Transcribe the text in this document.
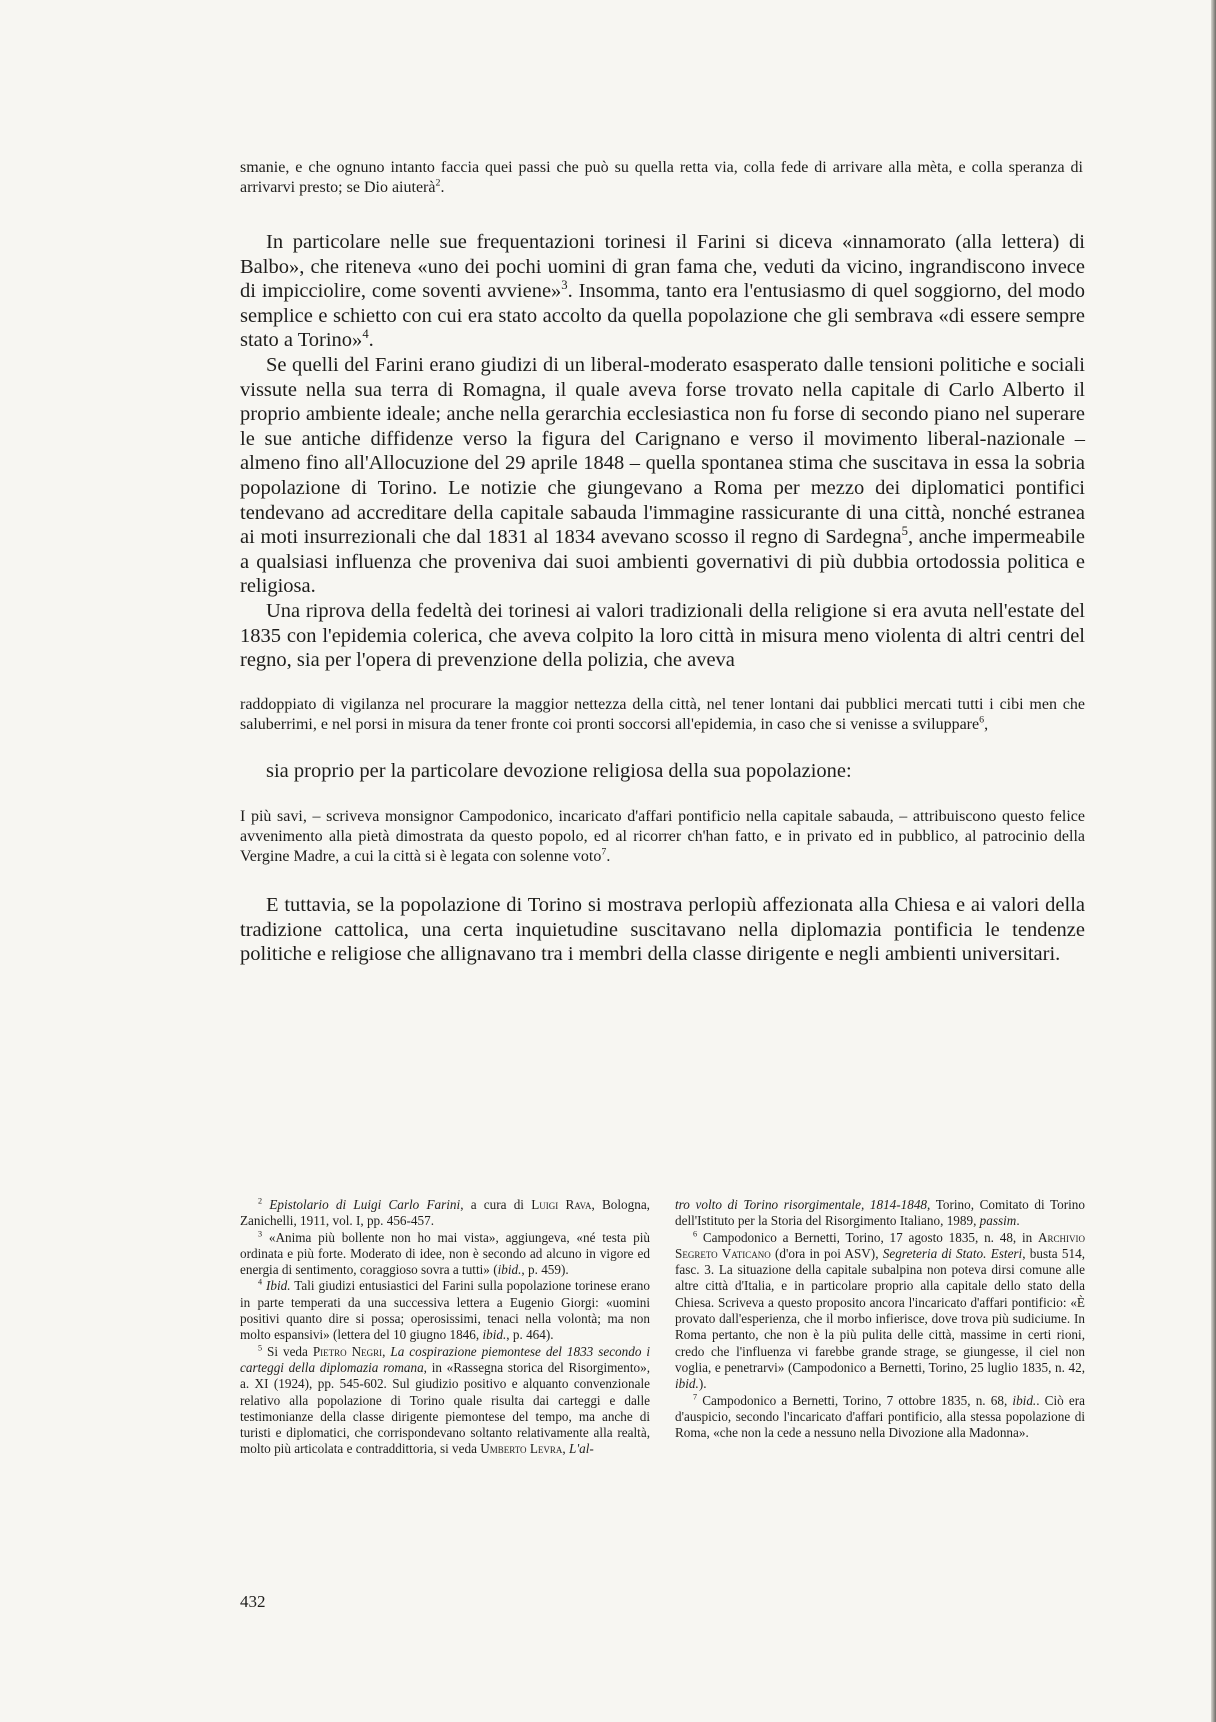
smanie, e che ognuno intanto faccia quei passi che può su quella retta via, colla fede di arrivare alla mèta, e colla speranza di arrivarvi presto; se Dio aiuterà$^2$.

In particolare nelle sue frequentazioni torinesi il Farini si diceva «innamorato (alla lettera) di Balbo», che riteneva «uno dei pochi uomini di gran fama che, veduti da vicino, ingrandiscono invece di impicciolire, come soventi avviene»$^3$. Insomma, tanto era l'entusiasmo di quel soggiorno, del modo semplice e schietto con cui era stato accolto da quella popolazione che gli sembrava «di essere sempre stato a Torino»$^4$.

Se quelli del Farini erano giudizi di un liberal-moderato esasperato dalle tensioni politiche e sociali vissute nella sua terra di Romagna, il quale aveva forse trovato nella capitale di Carlo Alberto il proprio ambiente ideale; anche nella gerarchia ecclesiastica non fu forse di secondo piano nel superare le sue antiche diffidenze verso la figura del Carignano e verso il movimento liberal-nazionale – almeno fino all'Allocuzione del 29 aprile 1848 – quella spontanea stima che suscitava in essa la sobria popolazione di Torino. Le notizie che giungevano a Roma per mezzo dei diplomatici pontifici tendevano ad accreditare della capitale sabauda l'immagine rassicurante di una città, nonché estranea ai moti insurrezionali che dal 1831 al 1834 avevano scosso il regno di Sardegna$^5$, anche impermeabile a qualsiasi influenza che proveniva dai suoi ambienti governativi di più dubbia ortodossia politica e religiosa.

Una riprova della fedeltà dei torinesi ai valori tradizionali della religione si era avuta nell'estate del 1835 con l'epidemia colerica, che aveva colpito la loro città in misura meno violenta di altri centri del regno, sia per l'opera di prevenzione della polizia, che aveva

raddoppiato di vigilanza nel procurare la maggior nettezza della città, nel tener lontani dai pubblici mercati tutti i cibi men che saluberrimi, e nel porsi in misura da tener fronte coi pronti soccorsi all'epidemia, in caso che si venisse a sviluppare$^6$,

sia proprio per la particolare devozione religiosa della sua popolazione:

I più savi, – scriveva monsignor Campodonico, incaricato d'affari pontificio nella capitale sabauda, – attribuiscono questo felice avvenimento alla pietà dimostrata da questo popolo, ed al ricorrer ch'han fatto, e in privato ed in pubblico, al patrocinio della Vergine Madre, a cui la città si è legata con solenne voto$^7$.

E tuttavia, se la popolazione di Torino si mostrava perlopiù affezionata alla Chiesa e ai valori della tradizione cattolica, una certa inquietudine suscitavano nella diplomazia pontificia le tendenze politiche e religiose che allignavano tra i membri della classe dirigente e negli ambienti universitari.

$^2$ Epistolario di Luigi Carlo Farini, a cura di Luigi Rava, Bologna, Zanichelli, 1911, vol. I, pp. 456-457.

$^3$ «Anima più bollente non ho mai vista», aggiungeva, «né testa più ordinata e più forte. Moderato di idee, non è secondo ad alcuno in vigore ed energia di sentimento, coraggioso sovra a tutti» (ibid., p. 459).

$^4$ Ibid. Tali giudizi entusiastici del Farini sulla popolazione torinese erano in parte temperati da una successiva lettera a Eugenio Giorgi: «uomini positivi quanto dire si possa; operosissimi, tenaci nella volontà; ma non molto espansivi» (lettera del 10 giugno 1846, ibid., p. 464).

$^5$ Si veda Pietro Negri, La cospirazione piemontese del 1833 secondo i carteggi della diplomazia romana, in «Rassegna storica del Risorgimento», a. XI (1924), pp. 545-602. Sul giudizio positivo e alquanto convenzionale relativo alla popolazione di Torino quale risulta dai carteggi e dalle testimonianze della classe dirigente piemontese del tempo, ma anche di turisti e diplomatici, che corrispondevano soltanto relativamente alla realtà, molto più articolata e contraddittoria, si veda Umberto Levra, L'al-

tro volto di Torino risorgimentale, 1814-1848, Torino, Comitato di Torino dell'Istituto per la Storia del Risorgimento Italiano, 1989, passim.

$^6$ Campodonico a Bernetti, Torino, 17 agosto 1835, n. 48, in Archivio Segreto Vaticano (d'ora in poi ASV), Segreteria di Stato. Esteri, busta 514, fasc. 3. La situazione della capitale subalpina non poteva dirsi comune alle altre città d'Italia, e in particolare proprio alla capitale dello stato della Chiesa. Scriveva a questo proposito ancora l'incaricato d'affari pontificio: «È provato dall'esperienza, che il morbo infierisce, dove trova più sudiciume. In Roma pertanto, che non è la più pulita delle città, massime in certi rioni, credo che l'influenza vi farebbe grande strage, se giungesse, il ciel non voglia, e penetrarvi» (Campodonico a Bernetti, Torino, 25 luglio 1835, n. 42, ibid.).

$^7$ Campodonico a Bernetti, Torino, 7 ottobre 1835, n. 68, ibid.. Ciò era d'auspicio, secondo l'incaricato d'affari pontificio, alla stessa popolazione di Roma, «che non la cede a nessuno nella Divozione alla Madonna».

432
